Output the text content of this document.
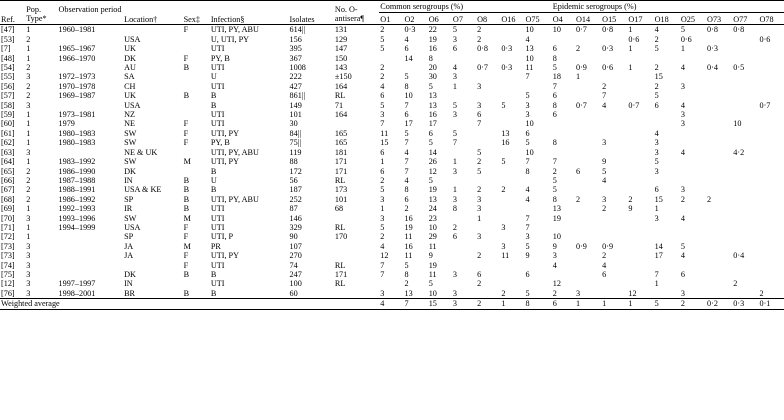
Ref.	Pop. Type*	Observation period	Location†	Sex‡	Infection§	Isolates	No. O-antisera¶	Common serogroups (%)							Epidemic serogroups (%)								
								O1	O2	O6	O7	O8	O16	O75	O4	O14	O15	O17	O18	O25	O73	O77	O78
[47]	1	1960–1981		F	UTI, PY, ABU	614||	131	2	0·3	22	5	2		10	10	0·7	0·8	1	4	5	0·8	0·8	
[53]	2		USA		U, UTI, PY	156	129	5	4	19	3	2		4				0·6	2	0·6			0·6
[7]	1	1965–1967	UK		UTI	395	147	5	6	16	6	0·8	0·3	13	6	2	0·3	1	5	1	0·3		
[48]	1	1966–1970	DK	F	PY, B	367	150		14	8				10	8								
[54]	2		AU	B	UTI	1008	143	2		20	4	0·7	0·3	11	5	0·9	0·6	1	2	4	0·4	0·5	
[55]	3	1972–1973	SA		U	222	±150	2	5	30	3			7	18	1			15				
[56]	2	1970–1978	CH		UTI	427	164	4	8	5	1	3			7		2		2	3			
[57]	2	1969–1987	UK	B	B	861||	RL	6	10	13				5	6		7		5				
[58]	3		USA		B	149	71	5	7	13	5	3	5	3	8	0·7	4	0·7	6	4			0·7
[59]	1	1973–1981	NZ		UTI	101	164	3	6	16	3	6		3	6					3			
[60]	1	1979	NE	F	UTI	30		7	17	17		7		10						3		10	
[61]	1	1980–1983	SW	F	UTI, PY	84||	165	11	5	6	5		13	6					4				
[62]	1	1980–1983	SW	F	PY, B	75||	165	15	7	5	7		16	5	8		3		3				
[63]	3		NE & UK		UTI, PY, ABU	119	181	6	4	14		5		10					3	4		4·2	
[64]	1	1983–1992	SW	M	UTI, PY	88	171	1	7	26	1	2	5	7	7		9		5				
[65]	2	1986–1990	DK		B	172	171	6	7	12	3	5		8	2	6	5		3				
[66]	2	1987–1988	IN	B	U	56	RL	2	4	5					5		4						
[67]	2	1988–1991	USA & KE	B	B	187	173	5	8	19	1	2	2	4	5				6	3			
[68]	2	1986–1992	SP	B	UTI, PY, ABU	252	101	3	6	13	3	3		4	8	2	3	2	15	2	2		
[69]	1	1992–1993	IR	B	UTI	87	68	1	2	24	8	3			13		2	9	1				
[70]	3	1993–1996	SW	M	UTI	146		3	16	23		1		7	19				3	4			
[71]	1	1994–1999	USA	F	UTI	329	RL	5	19	10	2		3	7									
[72]	1		SP	F	UTI, P	90	170	2	11	29	6	3		3	10								
[73]	3		JA	M	PR	107		4	16	11			3	5	9	0·9	0·9		14	5			
[73]	3		JA	F	UTI, PY	270		12	11	9		2	11	9	3		2		17	4		0·4	
[74]	3			F	UTI	74	RL	7	5	19					4		4						
[75]	3		DK	B	B	247	171	7	8	11	3	6		6			6		7	6			
[12]	3	1997–1997	IN		UTI	100	RL		2	5		2			12				1			2	
[76]	3	1998–2001	BR	B	B	60		3	13	10	3		2	5	2	3		12		3			2
Weighted average								4	7	15	3	2	1	8	6	1	1	1	5	2	0·2	0·3	0·1
